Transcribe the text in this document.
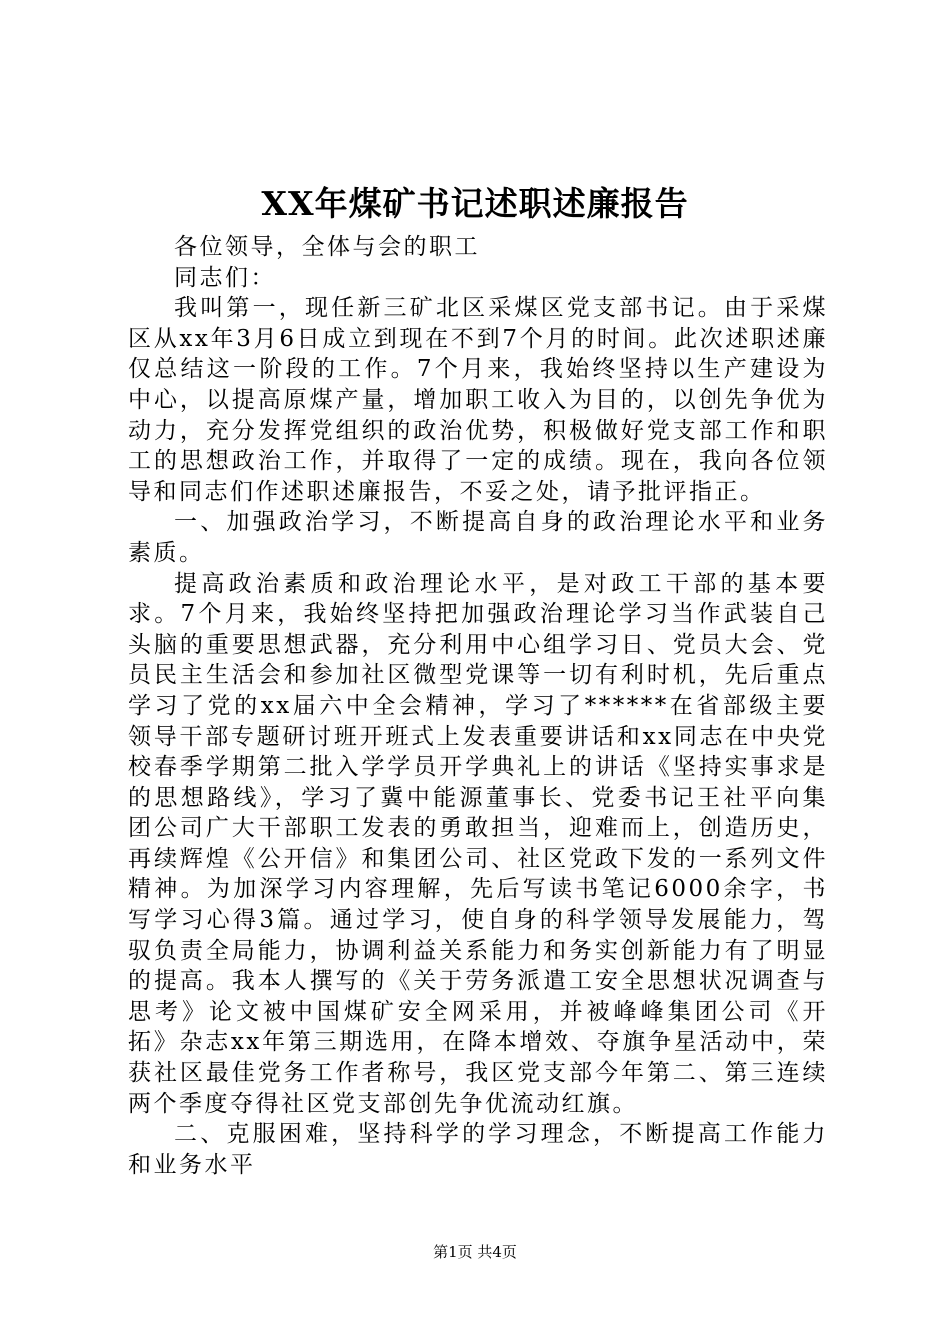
XX年煤矿书记述职述廉报告

各位领导，全体与会的职工

同志们：

我叫第一，现任新三矿北区采煤区党支部书记。由于采煤区从xx年3月6日成立到现在不到7个月的时间。此次述职述廉仅总结这一阶段的工作。7个月来，我始终坚持以生产建设为中心，以提高原煤产量，增加职工收入为目的，以创先争优为动力，充分发挥党组织的政治优势，积极做好党支部工作和职工的思想政治工作，并取得了一定的成绩。现在，我向各位领导和同志们作述职述廉报告，不妥之处，请予批评指正。

一、加强政治学习，不断提高自身的政治理论水平和业务素质。

提高政治素质和政治理论水平，是对政工干部的基本要求。7个月来，我始终坚持把加强政治理论学习当作武装自己头脑的重要思想武器，充分利用中心组学习日、党员大会、党员民主生活会和参加社区微型党课等一切有利时机，先后重点学习了党的xx届六中全会精神，学习了******在省部级主要领导干部专题研讨班开班式上发表重要讲话和xx同志在中央党校春季学期第二批入学学员开学典礼上的讲话《坚持实事求是的思想路线》，学习了冀中能源董事长、党委书记王社平向集团公司广大干部职工发表的勇敢担当，迎难而上，创造历史，再续辉煌《公开信》和集团公司、社区党政下发的一系列文件精神。为加深学习内容理解，先后写读书笔记6000余字，书写学习心得3篇。通过学习，使自身的科学领导发展能力，驾驭负责全局能力，协调利益关系能力和务实创新能力有了明显的提高。我本人撰写的《关于劳务派遣工安全思想状况调查与思考》论文被中国煤矿安全网采用，并被峰峰集团公司《开拓》杂志xx年第三期选用，在降本增效、夺旗争星活动中，荣获社区最佳党务工作者称号，我区党支部今年第二、第三连续两个季度夺得社区党支部创先争优流动红旗。

二、克服困难，坚持科学的学习理念，不断提高工作能力和业务水平

第1页 共4页
